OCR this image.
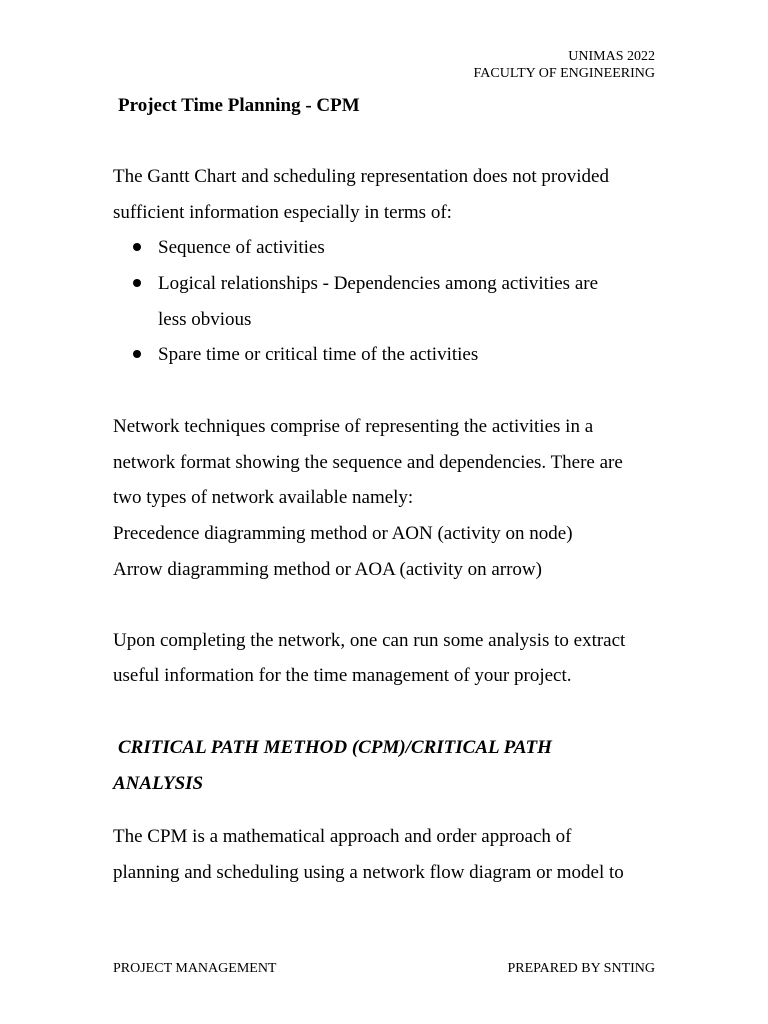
UNIMAS 2022
FACULTY OF ENGINEERING
Project Time Planning - CPM
The Gantt Chart and scheduling representation does not provided
sufficient information especially in terms of:
Sequence of activities
Logical relationships - Dependencies among activities are
less obvious
Spare time or critical time of the activities
Network techniques comprise of representing the activities in a
network format showing the sequence and dependencies. There are
two types of network available namely:
Precedence diagramming method or AON (activity on node)
Arrow diagramming method or AOA (activity on arrow)
Upon completing the network, one can run some analysis to extract
useful information for the time management of your project.
CRITICAL PATH METHOD (CPM)/CRITICAL PATH
ANALYSIS
The CPM is a mathematical approach and order approach of
planning and scheduling using a network flow diagram or model to
PROJECT MANAGEMENT	PREPARED BY SNTING
